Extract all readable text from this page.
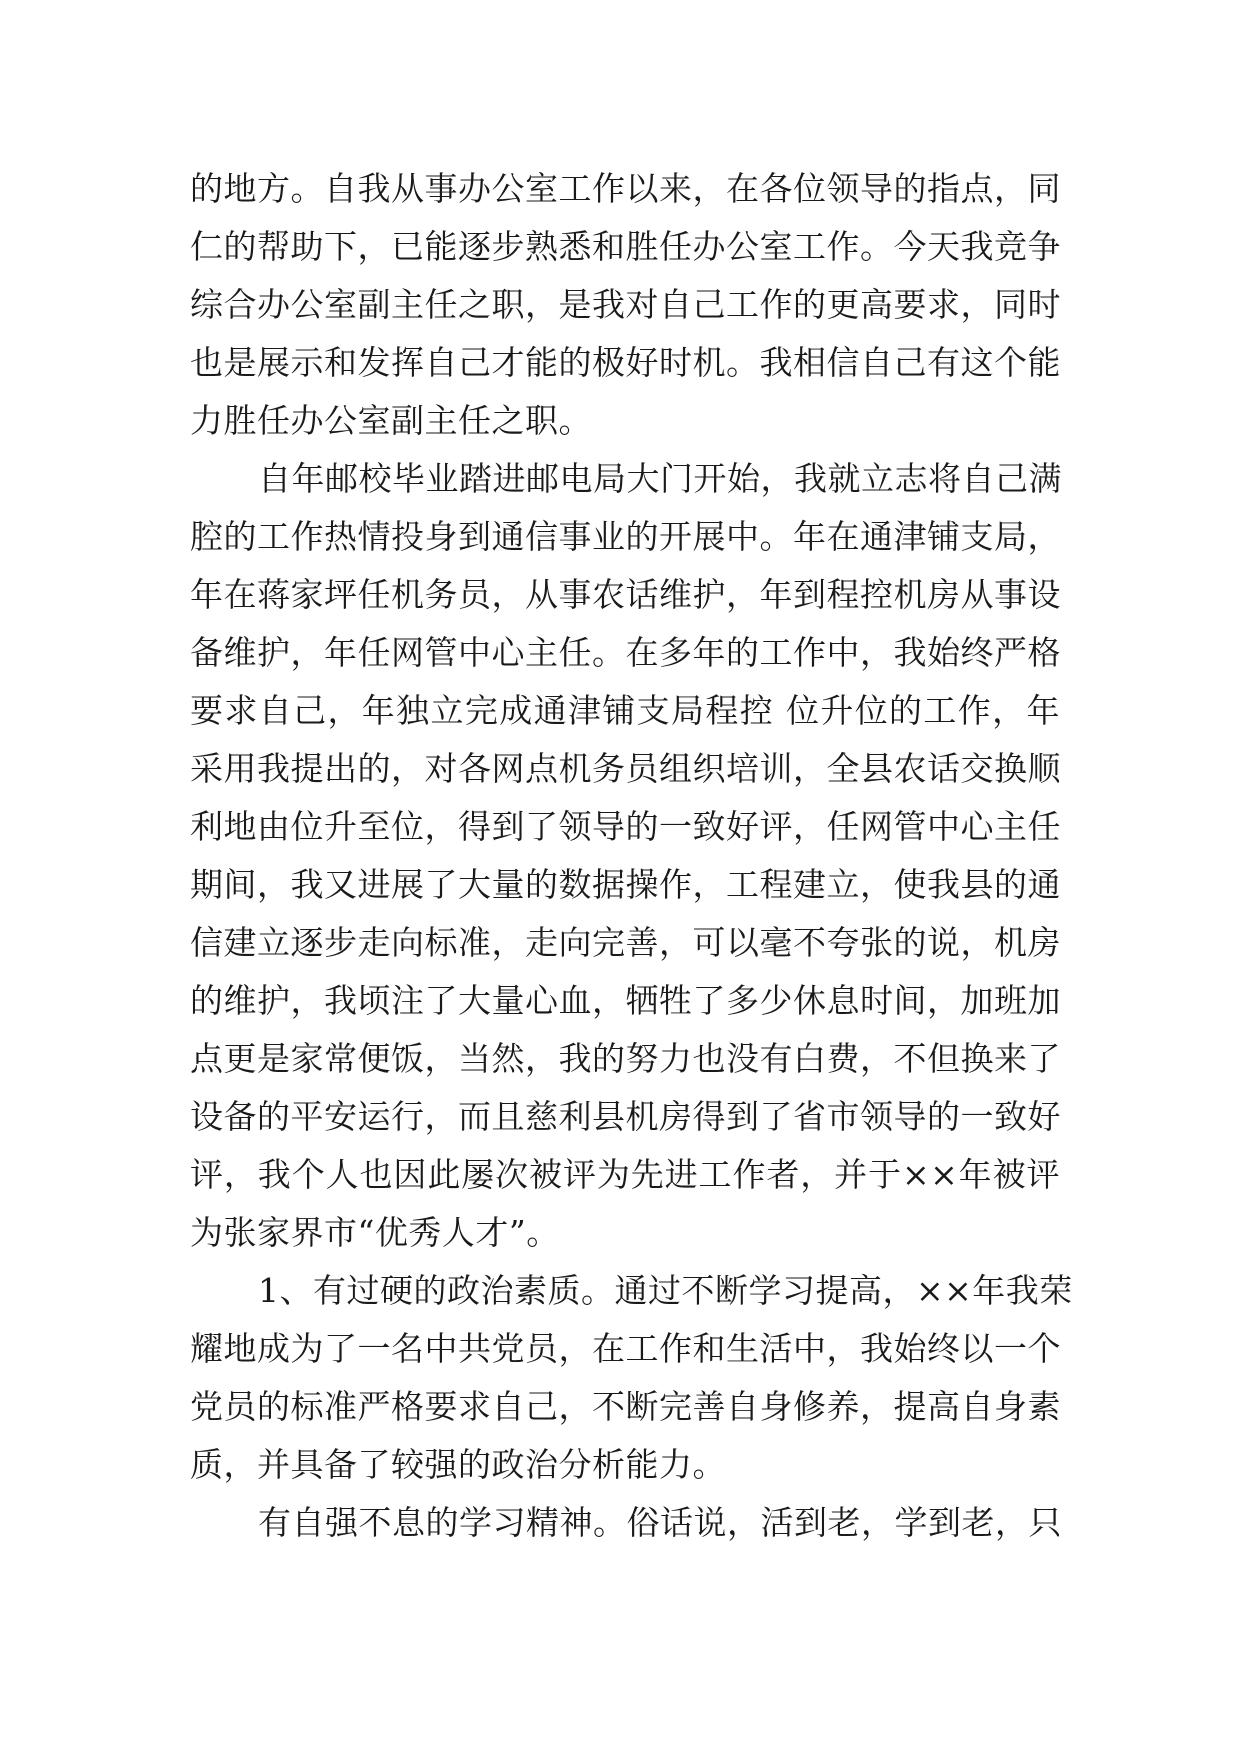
的地方。自我从事办公室工作以来，在各位领导的指点，同
仁的帮助下，已能逐步熟悉和胜任办公室工作。今天我竞争
综合办公室副主任之职，是我对自己工作的更高要求，同时
也是展示和发挥自己才能的极好时机。我相信自己有这个能
力胜任办公室副主任之职。
自年邮校毕业踏进邮电局大门开始，我就立志将自己满
腔的工作热情投身到通信事业的开展中。年在通津铺支局，
年在蒋家坪任机务员，从事农话维护，年到程控机房从事设
备维护，年任网管中心主任。在多年的工作中，我始终严格
要求自己，年独立完成通津铺支局程控 位升位的工作，年
采用我提出的，对各网点机务员组织培训，全县农话交换顺
利地由位升至位，得到了领导的一致好评，任网管中心主任
期间，我又进展了大量的数据操作，工程建立，使我县的通
信建立逐步走向标准，走向完善，可以毫不夸张的说，机房
的维护，我顷注了大量心血，牺牲了多少休息时间，加班加
点更是家常便饭，当然，我的努力也没有白费，不但换来了
设备的平安运行，而且慈利县机房得到了省市领导的一致好
评，我个人也因此屡次被评为先进工作者，并于××年被评
为张家界市“优秀人才”。
1、有过硬的政治素质。通过不断学习提高，××年我荣
耀地成为了一名中共党员，在工作和生活中，我始终以一个
党员的标准严格要求自己，不断完善自身修养，提高自身素
质，并具备了较强的政治分析能力。
有自强不息的学习精神。俗话说，活到老，学到老，只
